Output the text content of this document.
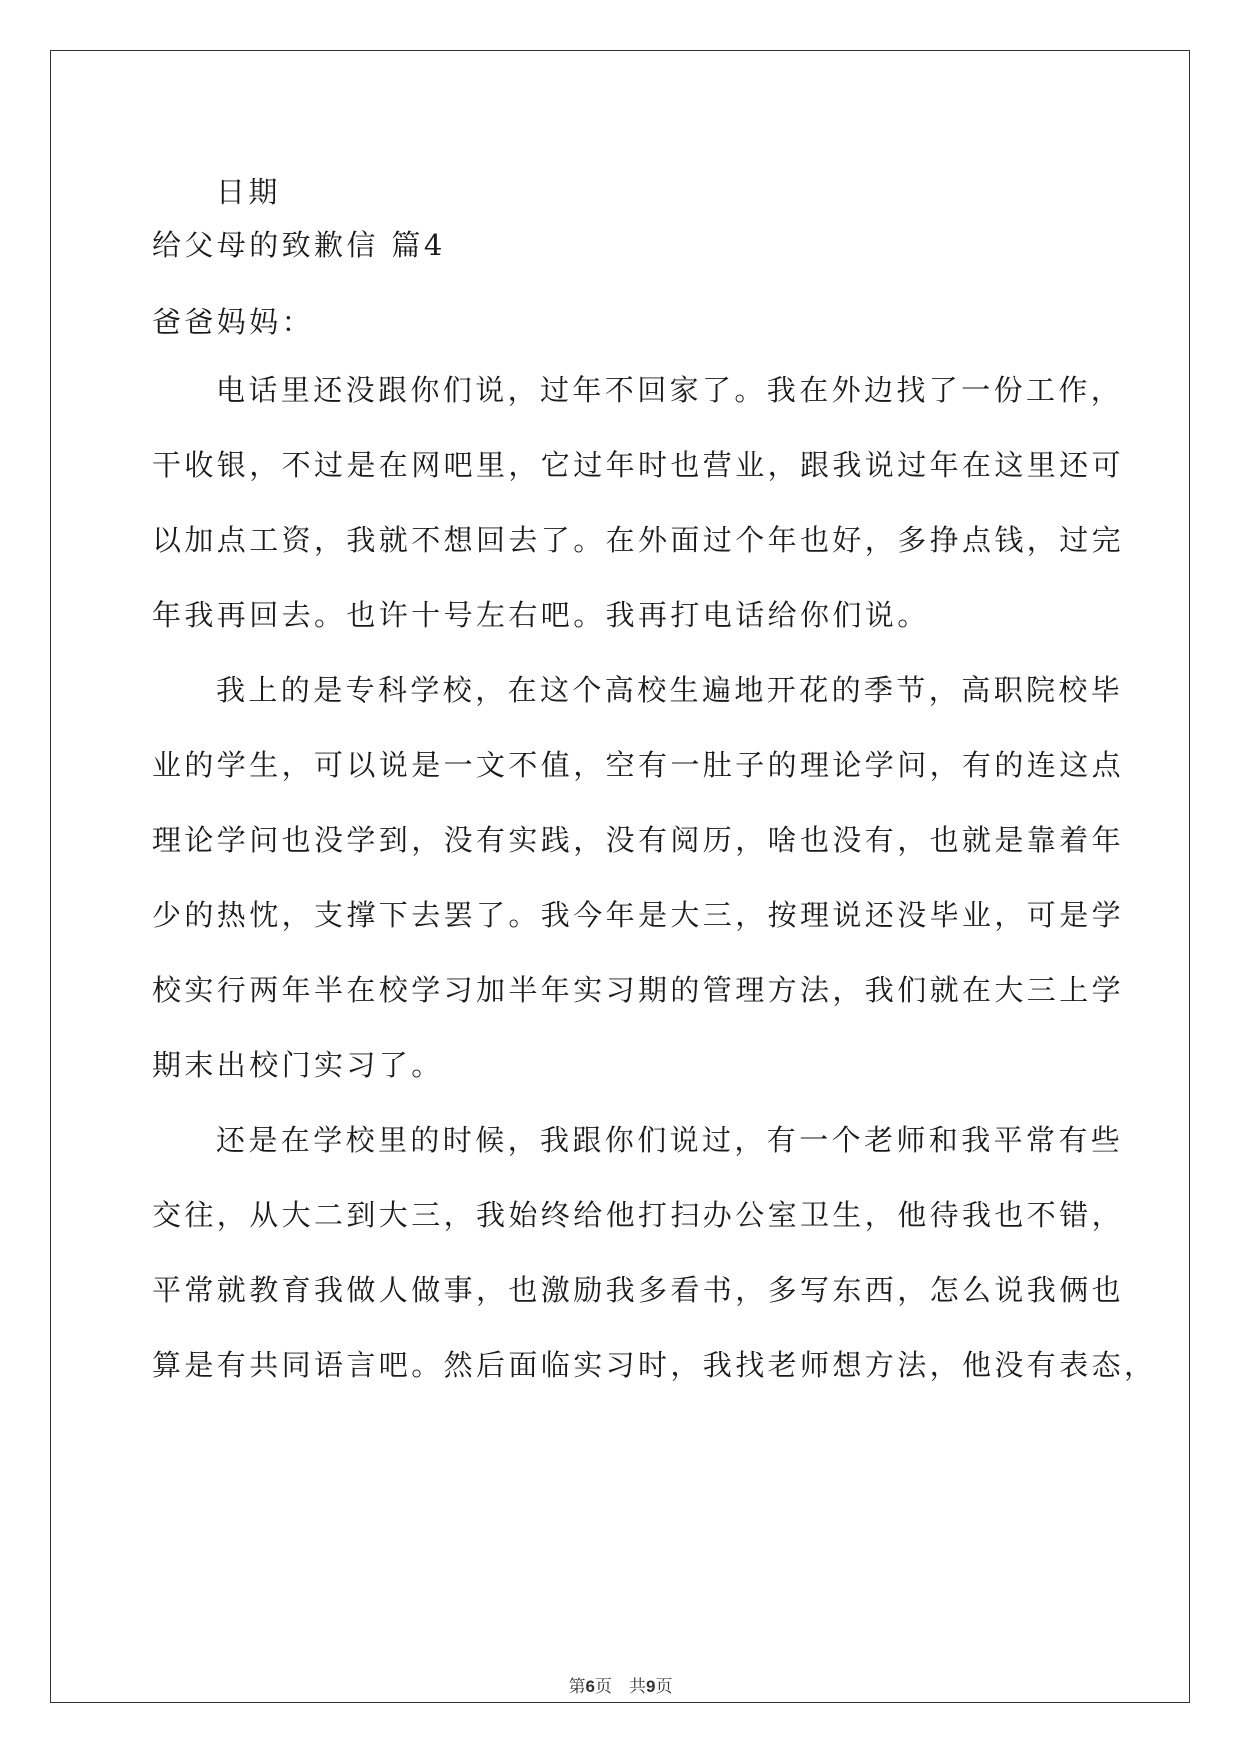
日期
给父母的致歉信 篇4
爸爸妈妈：
电话里还没跟你们说，过年不回家了。我在外边找了一份工作，
干收银，不过是在网吧里，它过年时也营业，跟我说过年在这里还可
以加点工资，我就不想回去了。在外面过个年也好，多挣点钱，过完
年我再回去。也许十号左右吧。我再打电话给你们说。
我上的是专科学校，在这个高校生遍地开花的季节，高职院校毕
业的学生，可以说是一文不值，空有一肚子的理论学问，有的连这点
理论学问也没学到，没有实践，没有阅历，啥也没有，也就是靠着年
少的热忱，支撑下去罢了。我今年是大三，按理说还没毕业，可是学
校实行两年半在校学习加半年实习期的管理方法，我们就在大三上学
期末出校门实习了。
还是在学校里的时候，我跟你们说过，有一个老师和我平常有些
交往，从大二到大三，我始终给他打扫办公室卫生，他待我也不错，
平常就教育我做人做事，也激励我多看书，多写东西，怎么说我俩也
算是有共同语言吧。然后面临实习时，我找老师想方法，他没有表态，
第6页　共9页
